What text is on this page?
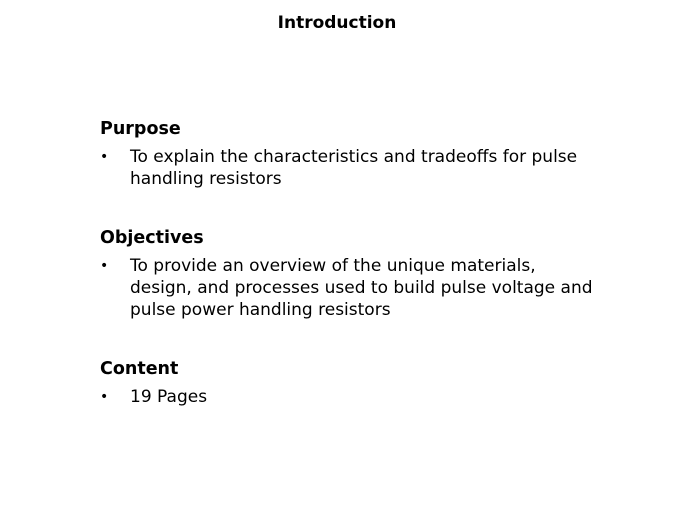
Introduction
Purpose
• To explain the characteristics and tradeoffs for pulse handling resistors
Objectives
• To provide an overview of the unique materials, design, and processes used to build pulse voltage and pulse power handling resistors
Content
• 19 Pages
